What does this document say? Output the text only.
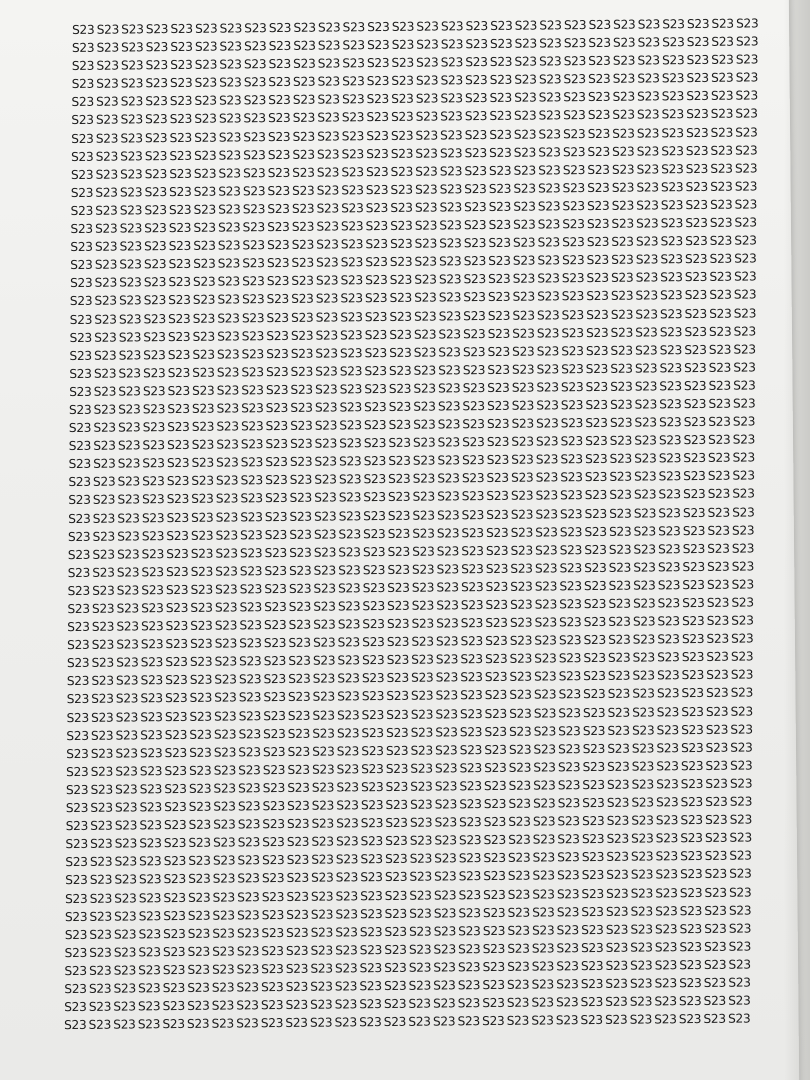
S23 S23 S23 S23 S23 S23 S23 S23 S23 S23 S23 S23 S23 S23 S23 S23 S23 S23 S23 S23 S23 S23 S23 S23 S23 S23 S23 S23
S23 S23 S23 S23 S23 S23 S23 S23 S23 S23 S23 S23 S23 S23 S23 S23 S23 S23 S23 S23 S23 S23 S23 S23 S23 S23 S23 S23
S23 S23 S23 S23 S23 S23 S23 S23 S23 S23 S23 S23 S23 S23 S23 S23 S23 S23 S23 S23 S23 S23 S23 S23 S23 S23 S23 S23
S23 S23 S23 S23 S23 S23 S23 S23 S23 S23 S23 S23 S23 S23 S23 S23 S23 S23 S23 S23 S23 S23 S23 S23 S23 S23 S23 S23
S23 S23 S23 S23 S23 S23 S23 S23 S23 S23 S23 S23 S23 S23 S23 S23 S23 S23 S23 S23 S23 S23 S23 S23 S23 S23 S23 S23
S23 S23 S23 S23 S23 S23 S23 S23 S23 S23 S23 S23 S23 S23 S23 S23 S23 S23 S23 S23 S23 S23 S23 S23 S23 S23 S23 S23
S23 S23 S23 S23 S23 S23 S23 S23 S23 S23 S23 S23 S23 S23 S23 S23 S23 S23 S23 S23 S23 S23 S23 S23 S23 S23 S23 S23
S23 S23 S23 S23 S23 S23 S23 S23 S23 S23 S23 S23 S23 S23 S23 S23 S23 S23 S23 S23 S23 S23 S23 S23 S23 S23 S23 S23
S23 S23 S23 S23 S23 S23 S23 S23 S23 S23 S23 S23 S23 S23 S23 S23 S23 S23 S23 S23 S23 S23 S23 S23 S23 S23 S23 S23
S23 S23 S23 S23 S23 S23 S23 S23 S23 S23 S23 S23 S23 S23 S23 S23 S23 S23 S23 S23 S23 S23 S23 S23 S23 S23 S23 S23
S23 S23 S23 S23 S23 S23 S23 S23 S23 S23 S23 S23 S23 S23 S23 S23 S23 S23 S23 S23 S23 S23 S23 S23 S23 S23 S23 S23
S23 S23 S23 S23 S23 S23 S23 S23 S23 S23 S23 S23 S23 S23 S23 S23 S23 S23 S23 S23 S23 S23 S23 S23 S23 S23 S23 S23
S23 S23 S23 S23 S23 S23 S23 S23 S23 S23 S23 S23 S23 S23 S23 S23 S23 S23 S23 S23 S23 S23 S23 S23 S23 S23 S23 S23
S23 S23 S23 S23 S23 S23 S23 S23 S23 S23 S23 S23 S23 S23 S23 S23 S23 S23 S23 S23 S23 S23 S23 S23 S23 S23 S23 S23
S23 S23 S23 S23 S23 S23 S23 S23 S23 S23 S23 S23 S23 S23 S23 S23 S23 S23 S23 S23 S23 S23 S23 S23 S23 S23 S23 S23
S23 S23 S23 S23 S23 S23 S23 S23 S23 S23 S23 S23 S23 S23 S23 S23 S23 S23 S23 S23 S23 S23 S23 S23 S23 S23 S23 S23
S23 S23 S23 S23 S23 S23 S23 S23 S23 S23 S23 S23 S23 S23 S23 S23 S23 S23 S23 S23 S23 S23 S23 S23 S23 S23 S23 S23
S23 S23 S23 S23 S23 S23 S23 S23 S23 S23 S23 S23 S23 S23 S23 S23 S23 S23 S23 S23 S23 S23 S23 S23 S23 S23 S23 S23
S23 S23 S23 S23 S23 S23 S23 S23 S23 S23 S23 S23 S23 S23 S23 S23 S23 S23 S23 S23 S23 S23 S23 S23 S23 S23 S23 S23
S23 S23 S23 S23 S23 S23 S23 S23 S23 S23 S23 S23 S23 S23 S23 S23 S23 S23 S23 S23 S23 S23 S23 S23 S23 S23 S23 S23
S23 S23 S23 S23 S23 S23 S23 S23 S23 S23 S23 S23 S23 S23 S23 S23 S23 S23 S23 S23 S23 S23 S23 S23 S23 S23 S23 S23
S23 S23 S23 S23 S23 S23 S23 S23 S23 S23 S23 S23 S23 S23 S23 S23 S23 S23 S23 S23 S23 S23 S23 S23 S23 S23 S23 S23
S23 S23 S23 S23 S23 S23 S23 S23 S23 S23 S23 S23 S23 S23 S23 S23 S23 S23 S23 S23 S23 S23 S23 S23 S23 S23 S23 S23
S23 S23 S23 S23 S23 S23 S23 S23 S23 S23 S23 S23 S23 S23 S23 S23 S23 S23 S23 S23 S23 S23 S23 S23 S23 S23 S23 S23
S23 S23 S23 S23 S23 S23 S23 S23 S23 S23 S23 S23 S23 S23 S23 S23 S23 S23 S23 S23 S23 S23 S23 S23 S23 S23 S23 S23
S23 S23 S23 S23 S23 S23 S23 S23 S23 S23 S23 S23 S23 S23 S23 S23 S23 S23 S23 S23 S23 S23 S23 S23 S23 S23 S23 S23
S23 S23 S23 S23 S23 S23 S23 S23 S23 S23 S23 S23 S23 S23 S23 S23 S23 S23 S23 S23 S23 S23 S23 S23 S23 S23 S23 S23
S23 S23 S23 S23 S23 S23 S23 S23 S23 S23 S23 S23 S23 S23 S23 S23 S23 S23 S23 S23 S23 S23 S23 S23 S23 S23 S23 S23
S23 S23 S23 S23 S23 S23 S23 S23 S23 S23 S23 S23 S23 S23 S23 S23 S23 S23 S23 S23 S23 S23 S23 S23 S23 S23 S23 S23
S23 S23 S23 S23 S23 S23 S23 S23 S23 S23 S23 S23 S23 S23 S23 S23 S23 S23 S23 S23 S23 S23 S23 S23 S23 S23 S23 S23
S23 S23 S23 S23 S23 S23 S23 S23 S23 S23 S23 S23 S23 S23 S23 S23 S23 S23 S23 S23 S23 S23 S23 S23 S23 S23 S23 S23
S23 S23 S23 S23 S23 S23 S23 S23 S23 S23 S23 S23 S23 S23 S23 S23 S23 S23 S23 S23 S23 S23 S23 S23 S23 S23 S23 S23
S23 S23 S23 S23 S23 S23 S23 S23 S23 S23 S23 S23 S23 S23 S23 S23 S23 S23 S23 S23 S23 S23 S23 S23 S23 S23 S23 S23
S23 S23 S23 S23 S23 S23 S23 S23 S23 S23 S23 S23 S23 S23 S23 S23 S23 S23 S23 S23 S23 S23 S23 S23 S23 S23 S23 S23
S23 S23 S23 S23 S23 S23 S23 S23 S23 S23 S23 S23 S23 S23 S23 S23 S23 S23 S23 S23 S23 S23 S23 S23 S23 S23 S23 S23
S23 S23 S23 S23 S23 S23 S23 S23 S23 S23 S23 S23 S23 S23 S23 S23 S23 S23 S23 S23 S23 S23 S23 S23 S23 S23 S23 S23
S23 S23 S23 S23 S23 S23 S23 S23 S23 S23 S23 S23 S23 S23 S23 S23 S23 S23 S23 S23 S23 S23 S23 S23 S23 S23 S23 S23
S23 S23 S23 S23 S23 S23 S23 S23 S23 S23 S23 S23 S23 S23 S23 S23 S23 S23 S23 S23 S23 S23 S23 S23 S23 S23 S23 S23
S23 S23 S23 S23 S23 S23 S23 S23 S23 S23 S23 S23 S23 S23 S23 S23 S23 S23 S23 S23 S23 S23 S23 S23 S23 S23 S23 S23
S23 S23 S23 S23 S23 S23 S23 S23 S23 S23 S23 S23 S23 S23 S23 S23 S23 S23 S23 S23 S23 S23 S23 S23 S23 S23 S23 S23
S23 S23 S23 S23 S23 S23 S23 S23 S23 S23 S23 S23 S23 S23 S23 S23 S23 S23 S23 S23 S23 S23 S23 S23 S23 S23 S23 S23
S23 S23 S23 S23 S23 S23 S23 S23 S23 S23 S23 S23 S23 S23 S23 S23 S23 S23 S23 S23 S23 S23 S23 S23 S23 S23 S23 S23
S23 S23 S23 S23 S23 S23 S23 S23 S23 S23 S23 S23 S23 S23 S23 S23 S23 S23 S23 S23 S23 S23 S23 S23 S23 S23 S23 S23
S23 S23 S23 S23 S23 S23 S23 S23 S23 S23 S23 S23 S23 S23 S23 S23 S23 S23 S23 S23 S23 S23 S23 S23 S23 S23 S23 S23
S23 S23 S23 S23 S23 S23 S23 S23 S23 S23 S23 S23 S23 S23 S23 S23 S23 S23 S23 S23 S23 S23 S23 S23 S23 S23 S23 S23
S23 S23 S23 S23 S23 S23 S23 S23 S23 S23 S23 S23 S23 S23 S23 S23 S23 S23 S23 S23 S23 S23 S23 S23 S23 S23 S23 S23
S23 S23 S23 S23 S23 S23 S23 S23 S23 S23 S23 S23 S23 S23 S23 S23 S23 S23 S23 S23 S23 S23 S23 S23 S23 S23 S23 S23
S23 S23 S23 S23 S23 S23 S23 S23 S23 S23 S23 S23 S23 S23 S23 S23 S23 S23 S23 S23 S23 S23 S23 S23 S23 S23 S23 S23
S23 S23 S23 S23 S23 S23 S23 S23 S23 S23 S23 S23 S23 S23 S23 S23 S23 S23 S23 S23 S23 S23 S23 S23 S23 S23 S23 S23
S23 S23 S23 S23 S23 S23 S23 S23 S23 S23 S23 S23 S23 S23 S23 S23 S23 S23 S23 S23 S23 S23 S23 S23 S23 S23 S23 S23
S23 S23 S23 S23 S23 S23 S23 S23 S23 S23 S23 S23 S23 S23 S23 S23 S23 S23 S23 S23 S23 S23 S23 S23 S23 S23 S23 S23
S23 S23 S23 S23 S23 S23 S23 S23 S23 S23 S23 S23 S23 S23 S23 S23 S23 S23 S23 S23 S23 S23 S23 S23 S23 S23 S23 S23
S23 S23 S23 S23 S23 S23 S23 S23 S23 S23 S23 S23 S23 S23 S23 S23 S23 S23 S23 S23 S23 S23 S23 S23 S23 S23 S23 S23
S23 S23 S23 S23 S23 S23 S23 S23 S23 S23 S23 S23 S23 S23 S23 S23 S23 S23 S23 S23 S23 S23 S23 S23 S23 S23 S23 S23
S23 S23 S23 S23 S23 S23 S23 S23 S23 S23 S23 S23 S23 S23 S23 S23 S23 S23 S23 S23 S23 S23 S23 S23 S23 S23 S23 S23
S23 S23 S23 S23 S23 S23 S23 S23 S23 S23 S23 S23 S23 S23 S23 S23 S23 S23 S23 S23 S23 S23 S23 S23 S23 S23 S23 S23
